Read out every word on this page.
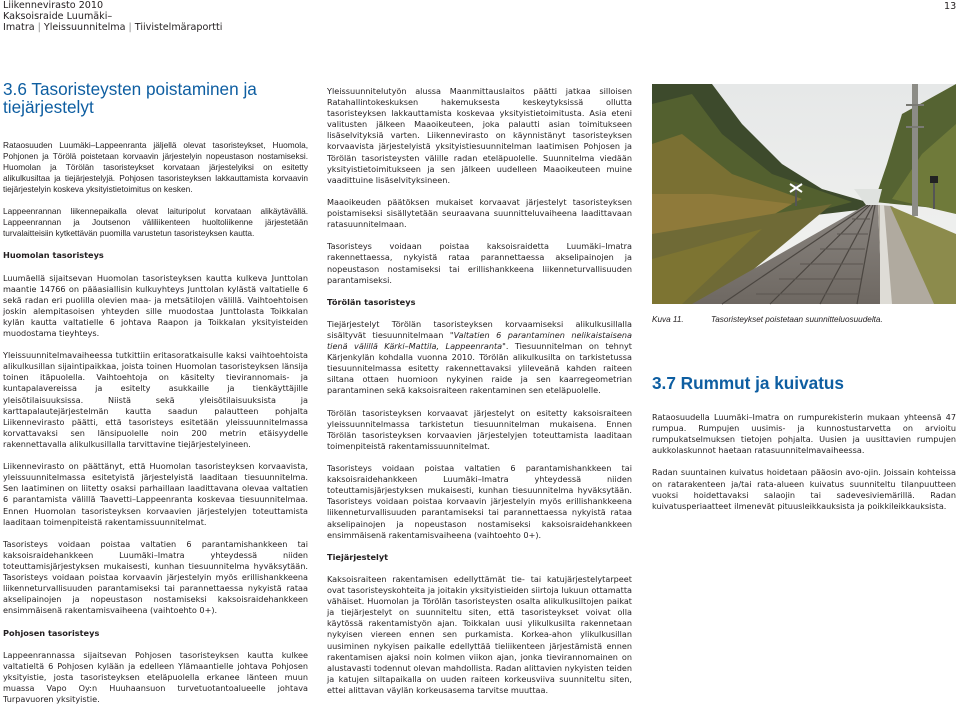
Liikennevirasto 2010
Kaksoisraide Luumäki–Imatra | Yleissuunnitelma | Tiivistelmäraportti
13
3.6 Tasoristeysten poistaminen ja tiejärjestelyt

Rataosuuden Luumäki–Lappeenranta jäljellä olevat tasoristeykset, Huomola, Pohjonen ja Törölä poistetaan korvaavin järjestelyin nopeustason nostamiseksi. Huomolan ja Törölän tasoristeykset korvataan järjestelyiksi on esitetty alikulkusiltaa ja tiejärjestelyjä. Pohjosen tasoristeyksen lakkauttamista korvaavin tiejärjestelyin koskeva yksityistietoimitus on kesken.

Lappeenrannan liikennepaikalla olevat laituripolut korvataan alikäytävällä. Lappeenrannan ja Joutsenon väliliikenteen huoltoliikenne järjestetään turvalaitteisiin kytkettävän puomilla varustetun tasoristeyksen kautta.

Huomolan tasoristeys

Luumäellä sijaitsevan Huomolan tasoristeyksen kautta kulkeva Junttolan maantie 14766 on pääasiallisin kulkuyhteys Junttolan kylästä valtatielle 6 sekä radan eri puolilla olevien maa- ja metsätilojen välillä. Vaihtoehtoisen joskin alempitasoisen yhteyden sille muodostaa Junttolasta Toikkalan kylän kautta valtatielle 6 johtava Raapon ja Toikkalan yksityisteiden muodostama tieyhteys.

Yleissuunnitelmavaiheessa tutkittiin eritasoratkaisulle kaksi vaihtoehtoista alikulkusillan sijaintipaikkaa, joista toinen Huomolan tasoristeyksen länsija toinen itäpuolella. Vaihtoehtoja on käsitelty tievirannomais- ja kuntapalavereissa ja esitelty asukkaille ja tienkäyttäjille yleisötilaisuuksissa. Niistä sekä yleisötilaisuuksista ja karttapalautejärjestelmän kautta saadun palautteen pohjalta Liikennevirasto päätti, että tasoristeys esitetään yleissuunnitelmassa korvattavaksi sen länsipuolelle noin 200 metrin etäisyydelle rakennettavalla alikulkusillalla tarvittavine tiejärjestelyineen.

Liikennevirasto on päättänyt, että Huomolan tasoristeyksen korvaavista, yleissuunnitelmassa esitetyistä järjestelyistä laaditaan tiesuunnitelma. Sen laatiminen on liitetty osaksi parhaillaan laadittavana olevaa valtatien 6 parantamista välillä Taavetti–Lappeenranta koskevaa tiesuunnitelmaa. Ennen Huomolan tasoristeyksen korvaavien järjestelyjen toteuttamista laaditaan toimenpiteistä rakentamissuunnitelmat.

Tasoristeys voidaan poistaa valtatien 6 parantamishankkeen tai kaksoisraidehankkeen Luumäki–Imatra yhteydessä niiden toteuttamisjärjestyksen mukaisesti, kunhan tiesuunnitelma hyväksytään. Tasoristeys voidaan poistaa korvaavin järjestelyin myös erillishankkeena liikenneturvallisuuden parantamiseksi tai parannettaessa nykyistä rataa akselipainojen ja nopeustason nostamiseksi kaksoisraidehankkeen ensimmäisenä rakentamisvaiheena (vaihtoehto 0+).

Pohjosen tasoristeys

Lappeenrannassa sijaitsevan Pohjosen tasoristeyksen kautta kulkee valtatieltä 6 Pohjosen kylään ja edelleen Ylämaantielle johtava Pohjosen yksityistie, josta tasoristeyksen eteläpuolella erkanee länteen muun muassa Vapo Oy:n Huuhaansuon turvetuotantoalueelle johtava Turpavuoren yksityistie.

Yleissuunnitelutyön alussa Maanmittauslaitos päätti jatkaa silloisen Ratahallintokeskuksen hakemuksesta keskeytyksissä ollutta tasoristeyksen lakkauttamista koskevaa yksityistietoimitusta. Asia eteni valitusten jälkeen Maaoikeuteen, joka palautti asian toimitukseen lisäselvityksiä varten. Liikennevirasto on käynnistänyt tasoristeyksen korvaavista järjestelyistä yksityistiesuunnitelman laatimisen Pohjosen ja Törölän tasoristeysten välille radan eteläpuolelle. Suunnitelma viedään yksityistietoimitukseen ja sen jälkeen uudelleen Maaoikeuteen muine vaadittuine lisäselvityksineen.

Maaoikeuden päätöksen mukaiset korvaavat järjestelyt tasoristeyksen poistamiseksi sisällytetään seuraavana suunnitteluvaiheena laadittavaan ratasuunnitelmaan.

Tasoristeys voidaan poistaa kaksoisraidetta Luumäki–Imatra rakennettaessa, nykyistä rataa parannettaessa akselipainojen ja nopeustason nostamiseksi tai erillishankkeena liikenneturvallisuuden parantamiseksi.

Törölän tasoristeys

Tiejärjestelyt Törölän tasoristeyksen korvaamiseksi alikulkusillalla sisältyvät tiesuunnitelmaan "Valtatien 6 parantaminen nelikaistaisena tienä välillä Kärki–Mattila, Lappeenranta". Tiesuunnitelman on tehnyt Kärjenkylän kohdalla vuonna 2010. Törölän alikulkusilta on tarkistetussa tiesuunnitelmassa esitetty rakennettavaksi ylileveänä kahden raiteen siltana ottaen huomioon nykyinen raide ja sen kaarregeometrian parantaminen sekä kaksoisraiteen rakentaminen sen eteläpuolelle.

Törölän tasoristeyksen korvaavat järjestelyt on esitetty kaksoisraiteen yleissuunnitelmassa tarkistetun tiesuunnitelman mukaisena. Ennen Törölän tasoristeyksen korvaavien järjestelyjen toteuttamista laaditaan toimenpiteistä rakentamissuunnitelmat.

Tasoristeys voidaan poistaa valtatien 6 parantamishankkeen tai kaksoisraidehankkeen Luumäki–Imatra yhteydessä niiden toteuttamisjärjestyksen mukaisesti, kunhan tiesuunnitelma hyväksytään. Tasoristeys voidaan poistaa korvaavin järjestelyin myös erillishankkeena liikenneturvallisuuden parantamiseksi tai parannettaessa nykyistä rataa akselipainojen ja nopeustason nostamiseksi kaksoisraidehankkeen ensimmäisenä rakentamisvaiheena (vaihtoehto 0+).

Tiejärjestelyt

Kaksoisraiteen rakentamisen edellyttämät tie- tai katujärjestelytarpeet ovat tasoristeyskohteita ja joitakin yksityistieiden siirtoja lukuun ottamatta vähäiset. Huomolan ja Törölän tasoristeysten osalta alikulkusiltojen paikat ja tiejärjestelyt on suunniteltu siten, että tasoristeykset voivat olla käytössä rakentamistyön ajan. Toikkalan uusi ylikulkusilta rakennetaan nykyisen viereen ennen sen purkamista. Korkea-ahon ylikulkusillan uusiminen nykyisen paikalle edellyttää tieliikenteen järjestämistä ennen rakentamisen ajaksi noin kolmen viikon ajan, jonka tievirannomainen on alustavasti todennut olevan mahdollista. Radan alittavien nykyisten teiden ja katujen siltapaikalla on uuden raiteen korkeusviiva suunniteltu siten, ettei alittavan väylän korkeusasema tarvitse muuttaa.

Kuva 11.	Tasoristeykset poistetaan suunnitteluosuudelta.
3.7 Rummut ja kuivatus

Rataosuudella Luumäki–Imatra on rumpurekisterin mukaan yhteensä 47 rumpua. Rumpujen uusimis- ja kunnostustarvetta on arvioitu rumpukatselmuksen tietojen pohjalta. Uusien ja uusittavien rumpujen aukkolaskunnot haetaan ratasuunnitelmavaiheessa.

Radan suuntainen kuivatus hoidetaan pääosin avo-ojin. Joissain kohteissa on ratarakenteen ja/tai rata-alueen kuivatus suunniteltu tilanpuutteen vuoksi hoidettavaksi salaojin tai sadevesiviemärillä. Radan kuivatusperiaatteet ilmenevät pituusleikkauksista ja poikkileikkauksista.
